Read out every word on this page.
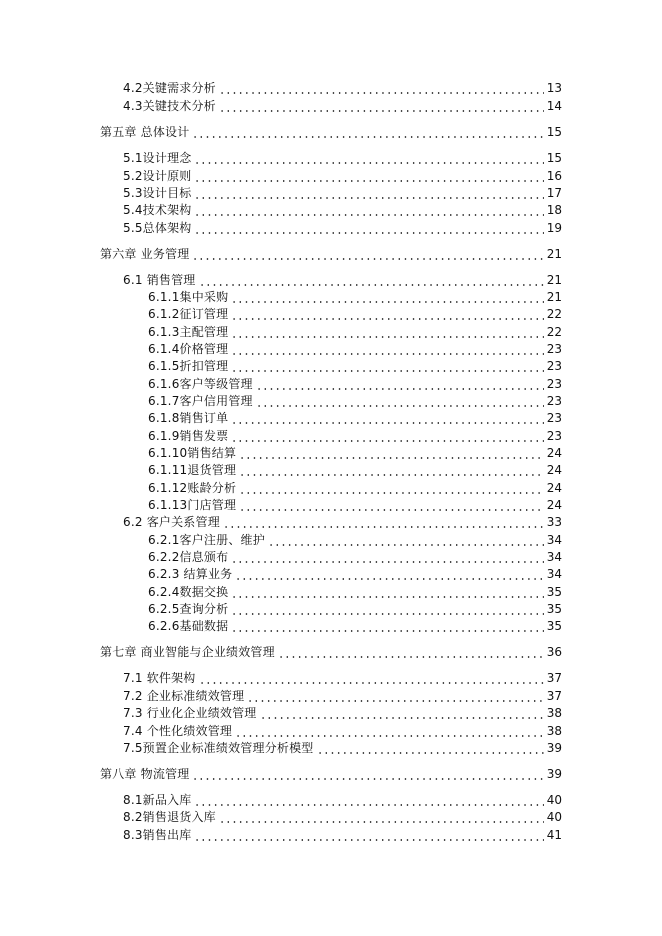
4.2关键需求分析	13
4.3关键技术分析	14
第五章 总体设计	15
5.1设计理念	15
5.2设计原则	16
5.3设计目标	17
5.4技术架构	18
5.5总体架构	19
第六章 业务管理	21
6.1 销售管理	21
6.1.1集中采购	21
6.1.2征订管理	22
6.1.3主配管理	22
6.1.4价格管理	23
6.1.5折扣管理	23
6.1.6客户等级管理	23
6.1.7客户信用管理	23
6.1.8销售订单	23
6.1.9销售发票	23
6.1.10销售结算	24
6.1.11退货管理	24
6.1.12账龄分析	24
6.1.13门店管理	24
6.2 客户关系管理	33
6.2.1客户注册、维护	34
6.2.2信息颁布	34
6.2.3 结算业务	34
6.2.4数据交换	35
6.2.5查询分析	35
6.2.6基础数据	35
第七章 商业智能与企业绩效管理	36
7.1 软件架构	37
7.2 企业标准绩效管理	37
7.3 行业化企业绩效管理	38
7.4 个性化绩效管理	38
7.5预置企业标准绩效管理分析模型	39
第八章 物流管理	39
8.1新品入库	40
8.2销售退货入库	40
8.3销售出库	41
